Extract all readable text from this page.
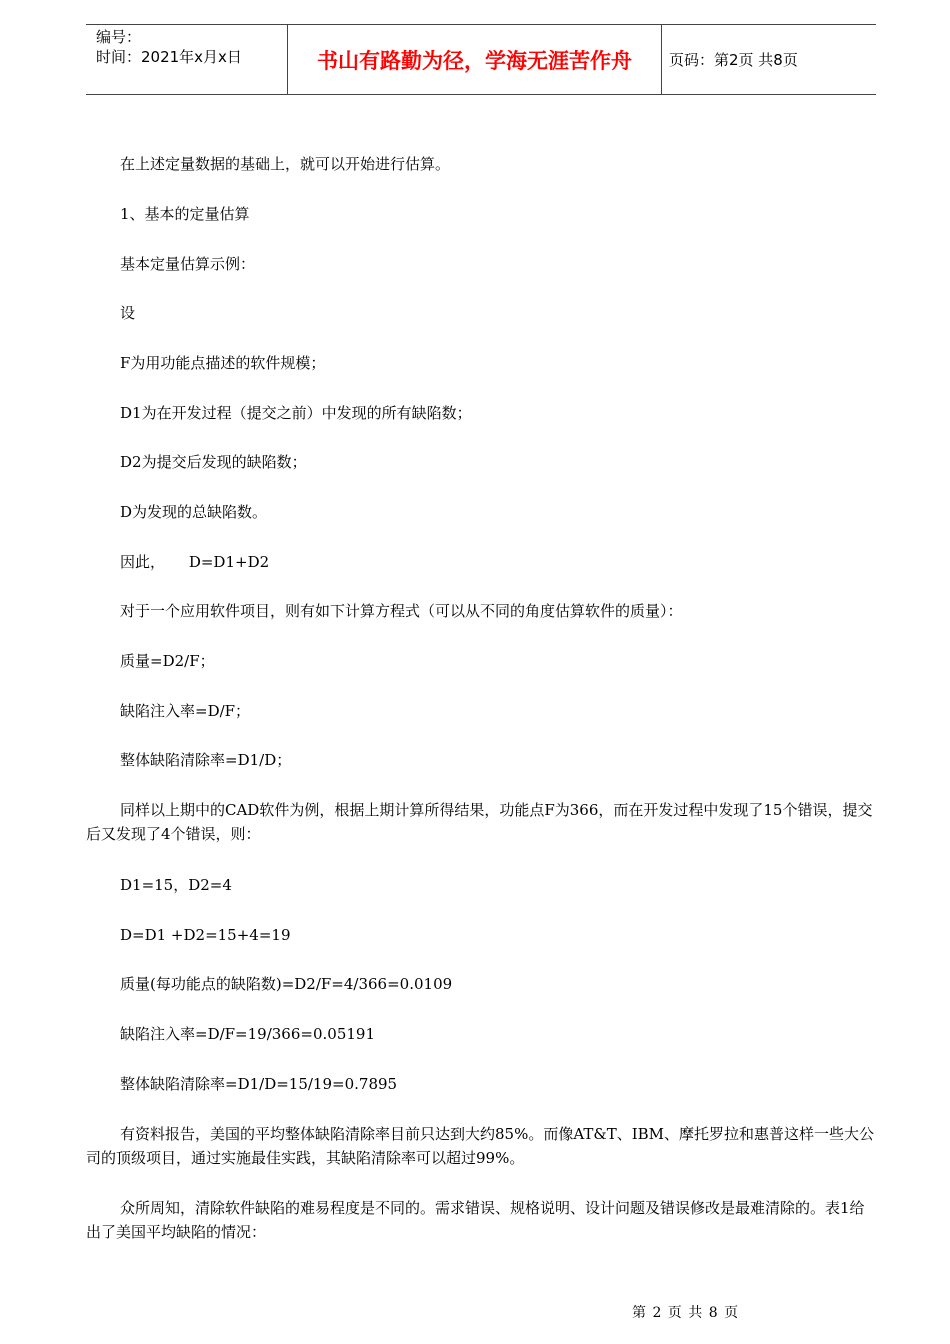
编号：
时间：2021年x月x日	书山有路勤为径，学海无涯苦作舟	页码：第2页 共8页
在上述定量数据的基础上，就可以开始进行估算。
1、基本的定量估算
基本定量估算示例：
设
F为用功能点描述的软件规模；
D1为在开发过程（提交之前）中发现的所有缺陷数；
D2为提交后发现的缺陷数；
D为发现的总缺陷数。
因此，     D=D1+D2
对于一个应用软件项目，则有如下计算方程式（可以从不同的角度估算软件的质量）：
质量=D2/F；
缺陷注入率=D/F；
整体缺陷清除率=D1/D；
同样以上期中的CAD软件为例，根据上期计算所得结果，功能点F为366，而在开发过程中发现了15个错误，提交后又发现了4个错误，则：
D1=15，D2=4
D=D1 +D2=15+4=19
质量(每功能点的缺陷数)=D2/F=4/366=0.0109
缺陷注入率=D/F=19/366=0.05191
整体缺陷清除率=D1/D=15/19=0.7895
有资料报告，美国的平均整体缺陷清除率目前只达到大约85%。而像AT&T、IBM、摩托罗拉和惠普这样一些大公司的顶级项目，通过实施最佳实践，其缺陷清除率可以超过99%。
众所周知，清除软件缺陷的难易程度是不同的。需求错误、规格说明、设计问题及错误修改是最难清除的。表1给出了美国平均缺陷的情况：
第 2 页 共 8 页
